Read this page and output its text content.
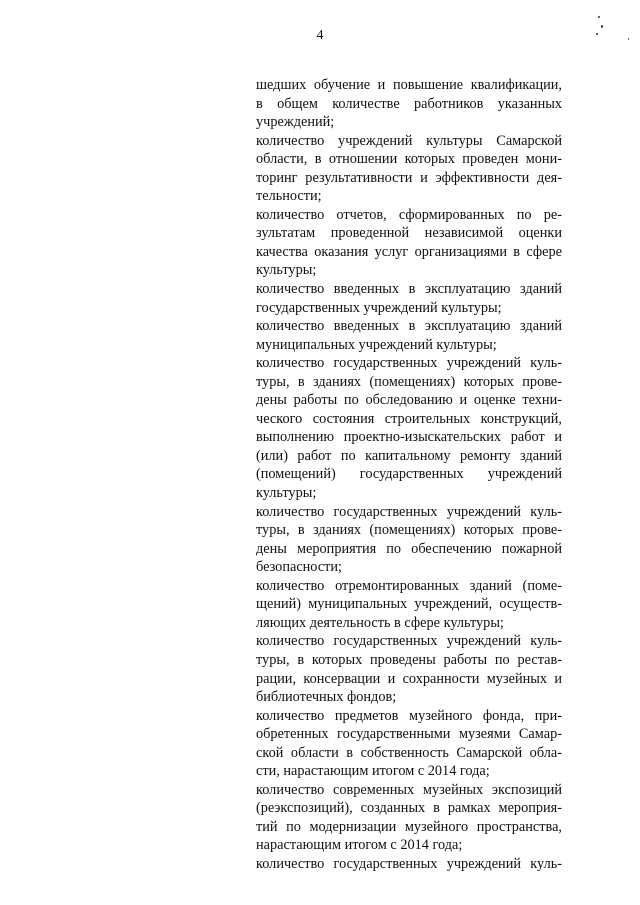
4

шедших обучение и повышение квалификации,
в общем количестве работников указанных
учреждений;

количество учреждений культуры Самарской
области, в отношении которых проведен мони-
торинг результативности и эффективности дея-
тельности;

количество отчетов, сформированных по ре-
зультатам проведенной независимой оценки
качества оказания услуг организациями в сфере
культуры;

количество введенных в эксплуатацию зданий
государственных учреждений культуры;

количество введенных в эксплуатацию зданий
муниципальных учреждений культуры;

количество государственных учреждений куль-
туры, в зданиях (помещениях) которых прове-
дены работы по обследованию и оценке техни-
ческого состояния строительных конструкций,
выполнению проектно-изыскательских работ и
(или) работ по капитальному ремонту зданий
(помещений) государственных учреждений
культуры;

количество государственных учреждений куль-
туры, в зданиях (помещениях) которых прове-
дены мероприятия по обеспечению пожарной
безопасности;

количество отремонтированных зданий (поме-
щений) муниципальных учреждений, осуществ-
ляющих деятельность в сфере культуры;

количество государственных учреждений куль-
туры, в которых проведены работы по рестав-
рации, консервации и сохранности музейных и
библиотечных фондов;

количество предметов музейного фонда, при-
обретенных государственными музеями Самар-
ской области в собственность Самарской обла-
сти, нарастающим итогом с 2014 года;

количество современных музейных экспозиций
(реэкспозиций), созданных в рамках мероприя-
тий по модернизации музейного пространства,
нарастающим итогом с 2014 года;

количество государственных учреждений куль-
